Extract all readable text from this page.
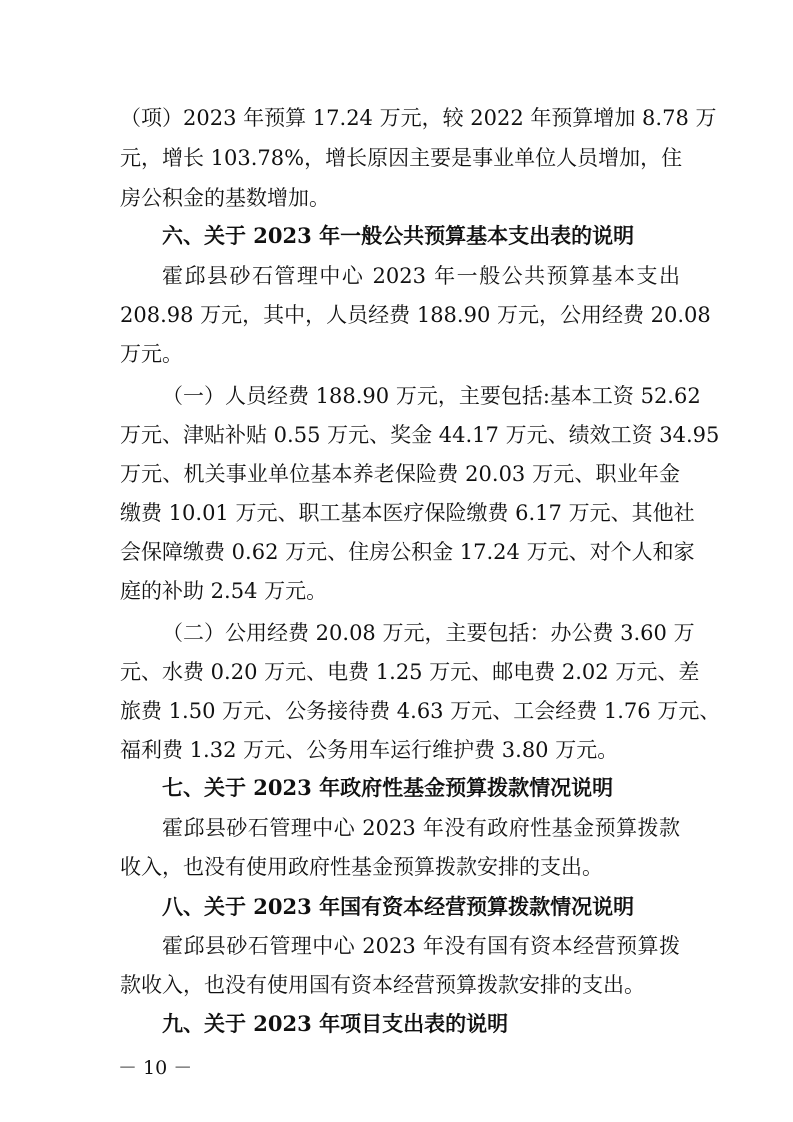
（项）2023 年预算 17.24 万元，较 2022 年预算增加 8.78 万
元，增长 103.78%，增长原因主要是事业单位人员增加，住
房公积金的基数增加。
六、关于 2023 年一般公共预算基本支出表的说明
霍邱县砂石管理中心 2023 年一般公共预算基本支出
208.98 万元，其中，人员经费 188.90 万元，公用经费 20.08
万元。
（一）人员经费 188.90 万元，主要包括:基本工资 52.62
万元、津贴补贴 0.55 万元、奖金 44.17 万元、绩效工资 34.95
万元、机关事业单位基本养老保险费 20.03 万元、职业年金
缴费 10.01 万元、职工基本医疗保险缴费 6.17 万元、其他社
会保障缴费 0.62 万元、住房公积金 17.24 万元、对个人和家
庭的补助 2.54 万元。
（二）公用经费 20.08 万元，主要包括：办公费 3.60 万
元、水费 0.20 万元、电费 1.25 万元、邮电费 2.02 万元、差
旅费 1.50 万元、公务接待费 4.63 万元、工会经费 1.76 万元、
福利费 1.32 万元、公务用车运行维护费 3.80 万元。
七、关于 2023 年政府性基金预算拨款情况说明
霍邱县砂石管理中心 2023 年没有政府性基金预算拨款
收入，也没有使用政府性基金预算拨款安排的支出。
八、关于 2023 年国有资本经营预算拨款情况说明
霍邱县砂石管理中心 2023 年没有国有资本经营预算拨
款收入，也没有使用国有资本经营预算拨款安排的支出。
九、关于 2023 年项目支出表的说明
－ 10 －
